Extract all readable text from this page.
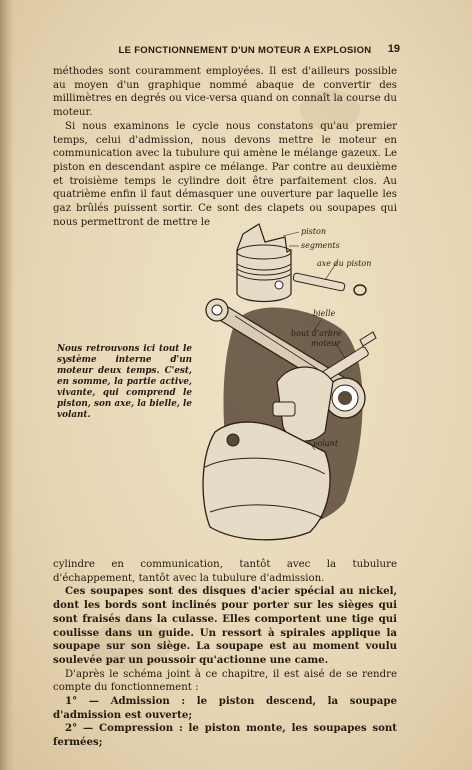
LE FONCTIONNEMENT D'UN MOTEUR A EXPLOSION	19

méthodes sont couramment employées. Il est d'ailleurs possible au moyen d'un graphique nommé abaque de convertir des millimètres en degrés ou vice-versa quand on connaît la course du moteur.

Si nous examinons le cycle nous constatons qu'au premier temps, celui d'admission, nous devons mettre le moteur en communication avec la tubulure qui amène le mélange gazeux. Le piston en descendant aspire ce mélange. Par contre au deuxième et troisième temps le cylindre doit être parfaitement clos. Au quatrième enfin il faut démasquer une ouverture par laquelle les gaz brûlés puissent sortir. Ce sont des clapets ou soupapes qui nous permettront de mettre le

Nous retrouvons ici tout le système interne d'un moteur deux temps. C'est, en somme, la partie active, vivante, qui comprend le piston, son axe, la bielle, le volant.
piston
segments
axe du piston
bielle
bout d'arbre
moteur
volant

cylindre en communication, tantôt avec la tubulure d'échappement, tantôt avec la tubulure d'admission.

Ces soupapes sont des disques d'acier spécial au nickel, dont les bords sont inclinés pour porter sur les sièges qui sont fraisés dans la culasse. Elles comportent une tige qui coulisse dans un guide. Un ressort à spirales applique la soupape sur son siège. La soupape est au moment voulu soulevée par un poussoir qu'actionne une came.

D'après le schéma joint à ce chapitre, il est aisé de se rendre compte du fonctionnement :

1° — Admission : le piston descend, la soupape d'admission est ouverte;

2° — Compression : le piston monte, les soupapes sont fermées;
